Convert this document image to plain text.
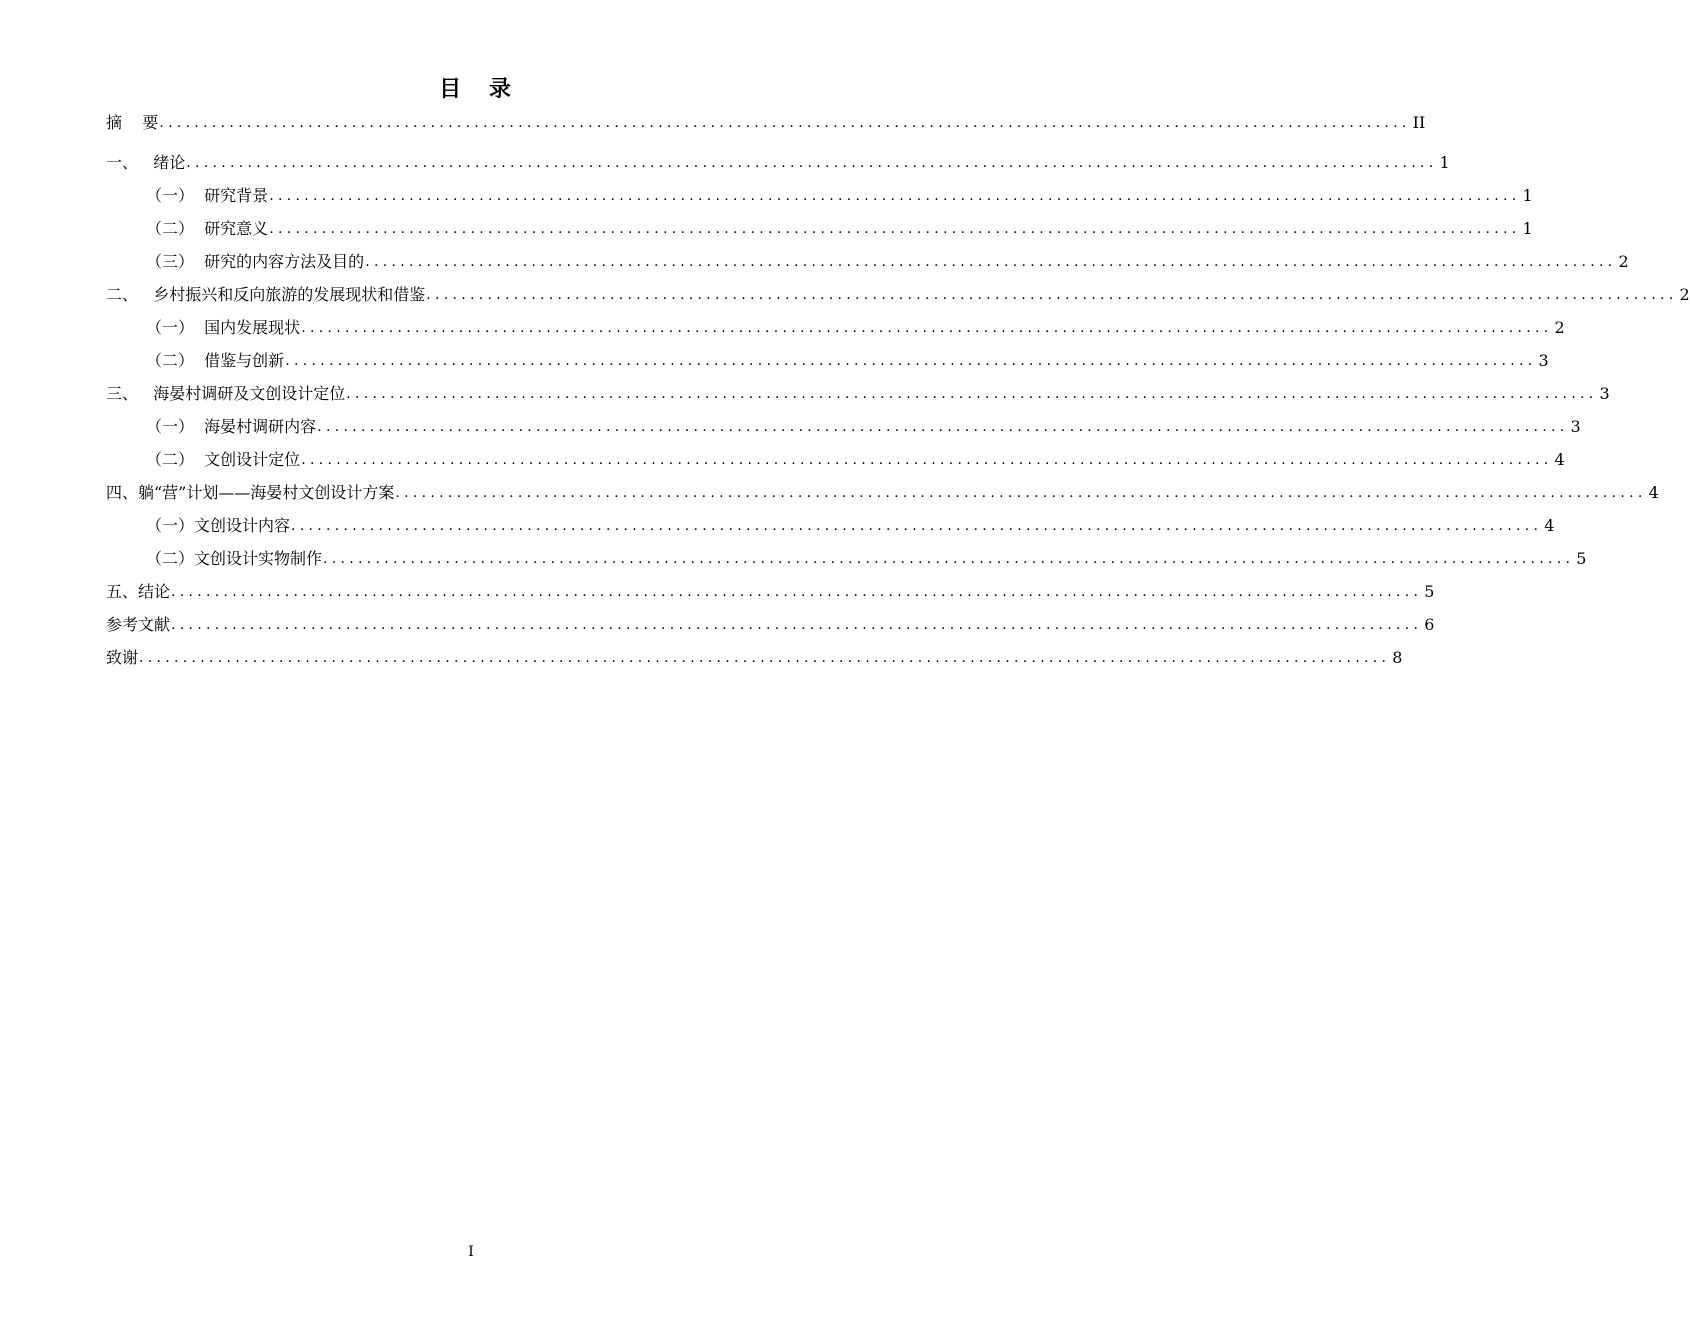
目 录
摘    要 ............................................................................................................................................... II
一、   绪论 ............................................................................................................................................... 1
（一）  研究背景 ............................................................................................................................................... 1
（二）  研究意义 ............................................................................................................................................... 1
（三）  研究的内容方法及目的 ............................................................................................................................................... 2
二、   乡村振兴和反向旅游的发展现状和借鉴 ............................................................................................................................................... 2
（一）  国内发展现状 ............................................................................................................................................... 2
（二）  借鉴与创新 ............................................................................................................................................... 3
三、   海晏村调研及文创设计定位 ............................................................................................................................................... 3
（一）  海晏村调研内容 ............................................................................................................................................... 3
（二）  文创设计定位 ............................................................................................................................................... 4
四、躺“营”计划——海晏村文创设计方案 ............................................................................................................................................... 4
（一）文创设计内容 ............................................................................................................................................... 4
（二）文创设计实物制作 ............................................................................................................................................... 5
五、结论 ............................................................................................................................................... 5
参考文献 ............................................................................................................................................... 6
致谢 ............................................................................................................................................... 8
I
